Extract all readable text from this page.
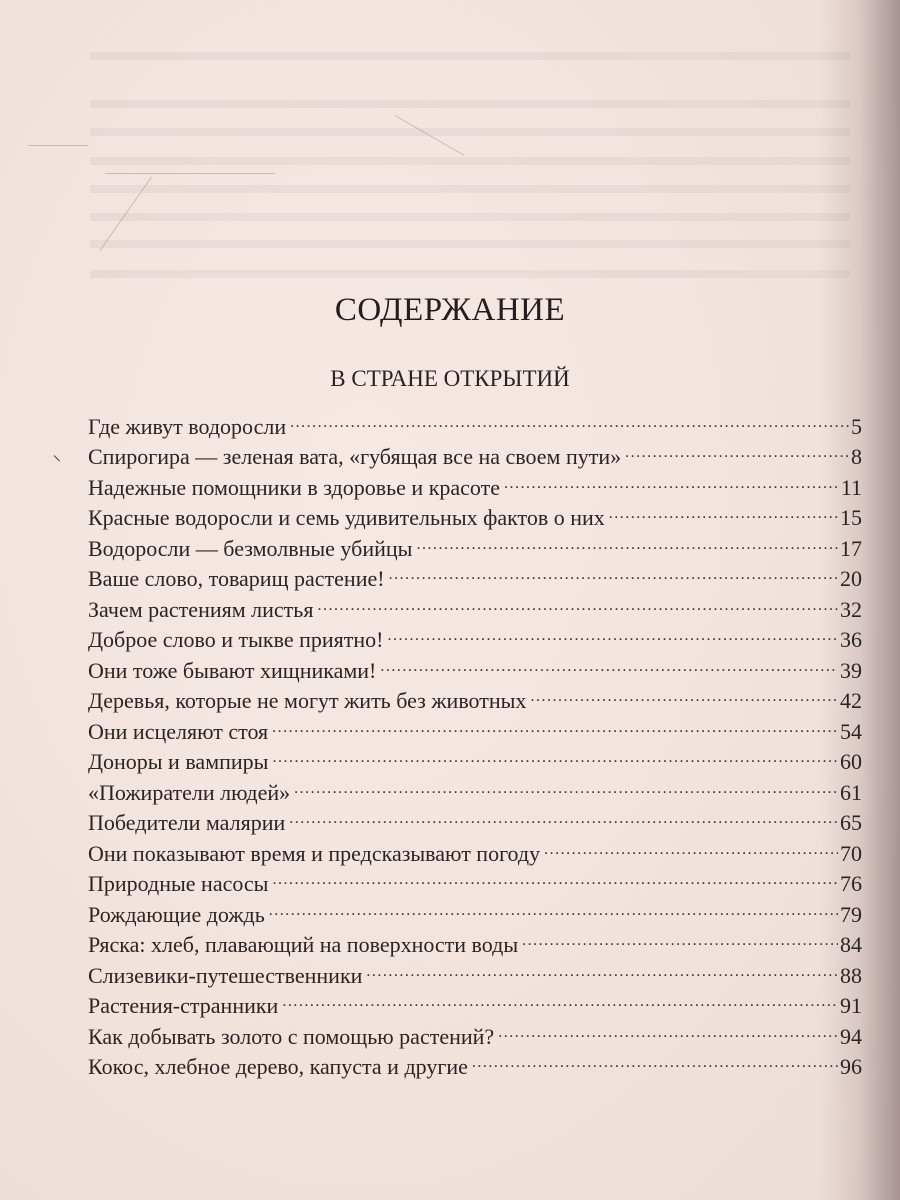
СОДЕРЖАНИЕ
В СТРАНЕ ОТКРЫТИЙ
Где живут водоросли .....	5
Спирогира — зеленая вата, «губящая все на своем пути» .....	8
Надежные помощники в здоровье и красоте .....	11
Красные водоросли и семь удивительных фактов о них .....	15
Водоросли — безмолвные убийцы .....	17
Ваше слово, товарищ растение! .....	20
Зачем растениям листья .....	32
Доброе слово и тыкве приятно! .....	36
Они тоже бывают хищниками! .....	39
Деревья, которые не могут жить без животных .....	42
Они исцеляют стоя .....	54
Доноры и вампиры .....	60
«Пожиратели людей» .....	61
Победители малярии .....	65
Они показывают время и предсказывают погоду .....	70
Природные насосы .....	76
Рождающие дождь .....	79
Ряска: хлеб, плавающий на поверхности воды .....	84
Слизевики-путешественники .....	88
Растения-странники .....	91
Как добывать золото с помощью растений? .....	94
Кокос, хлебное дерево, капуста и другие .....	96
